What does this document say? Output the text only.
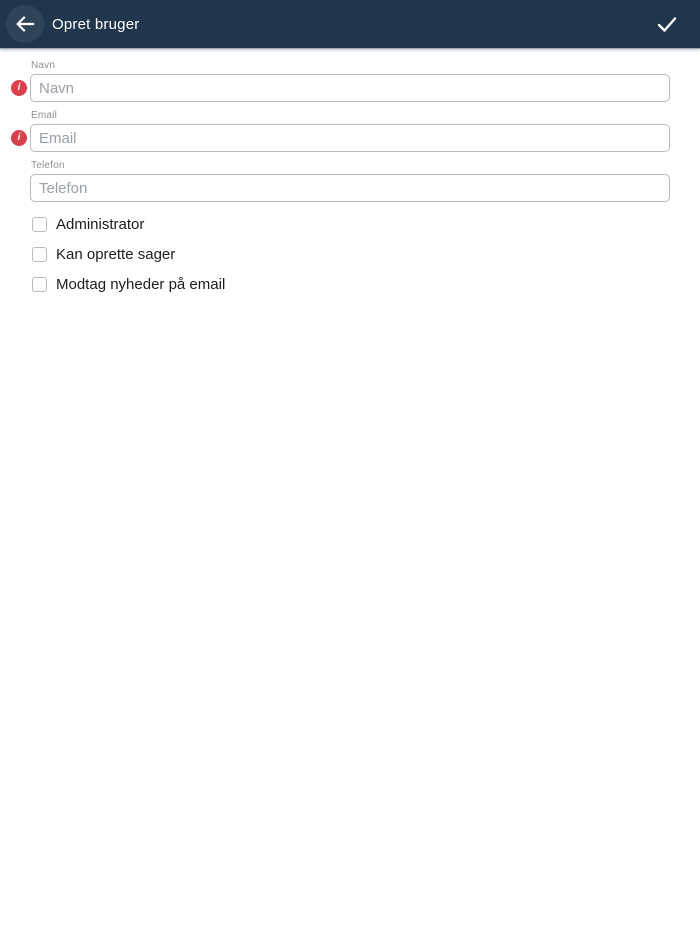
Opret bruger
Navn
i
Navn
Email
i
Email
Telefon
Telefon
Administrator
Kan oprette sager
Modtag nyheder på email
